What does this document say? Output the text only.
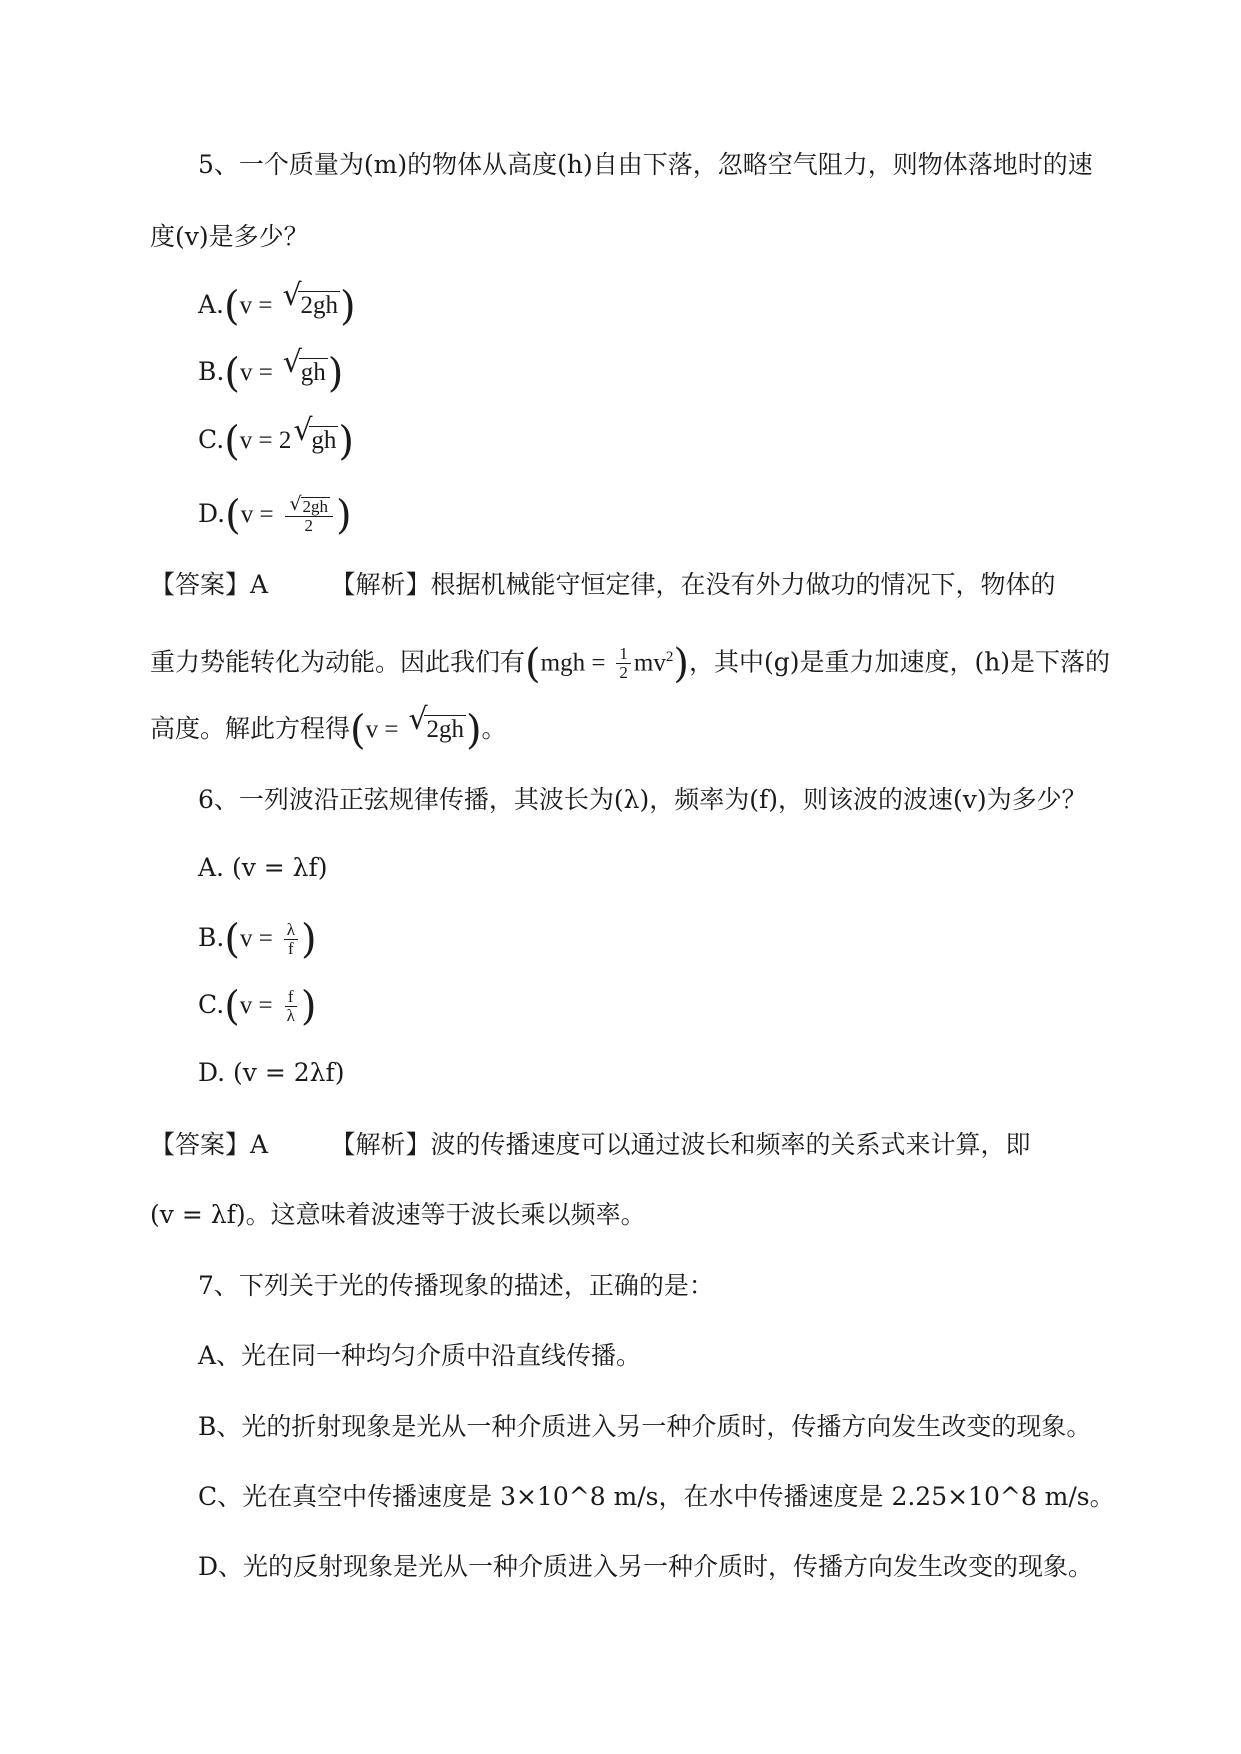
5、一个质量为(m)的物体从高度(h)自由下落，忽略空气阻力，则物体落地时的速
度(v)是多少？
A.(v = √
2gh)
B.(v = √
gh)
C.(v = 2 √
gh)
$D.(v = \frac{√ 2gh}{2}$ )
【答案】A　　　【解析】根据机械能守恒定律，在没有外力做功的情况下，物体的
重力势能转化为动能。因此我们有$(mgh = \frac{1}{2} mv^2)$，其中(g)是重力加速度，(h)是下落的
高度。解此方程得(v = √
2gh)。
6、一列波沿正弦规律传播，其波长为(λ)，频率为(f)，则该波的波速(v)为多少？
A. (v = λf)
$B.(v = \frac{\lambda}{f}$ )
$C.(v = \frac{f}{\lambda}$ )
D. (v = 2λf)
【答案】A　　　【解析】波的传播速度可以通过波长和频率的关系式来计算，即
(v = λf)。这意味着波速等于波长乘以频率。
7、下列关于光的传播现象的描述，正确的是：
A、光在同一种均匀介质中沿直线传播。
B、光的折射现象是光从一种介质进入另一种介质时，传播方向发生改变的现象。
C、光在真空中传播速度是 3×10^8 m/s，在水中传播速度是 2.25×10^8 m/s。
D、光的反射现象是光从一种介质进入另一种介质时，传播方向发生改变的现象。
